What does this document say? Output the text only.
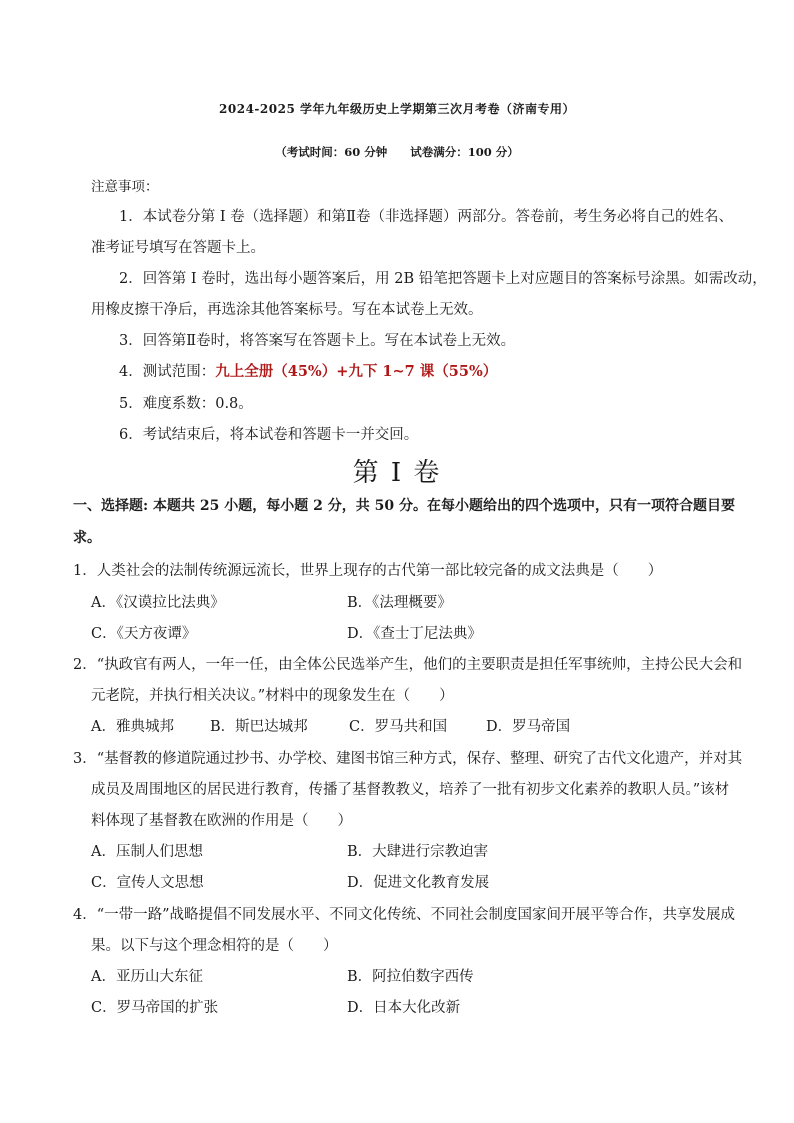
2024-2025 学年九年级历史上学期第三次月考卷（济南专用）
（考试时间：60 分钟　　试卷满分：100 分）
注意事项：
1．本试卷分第 I 卷（选择题）和第Ⅱ卷（非选择题）两部分。答卷前，考生务必将自己的姓名、
准考证号填写在答题卡上。
2．回答第 I 卷时，选出每小题答案后，用 2B 铅笔把答题卡上对应题目的答案标号涂黑。如需改动，
用橡皮擦干净后，再选涂其他答案标号。写在本试卷上无效。
3．回答第Ⅱ卷时，将答案写在答题卡上。写在本试卷上无效。
4．测试范围：九上全册（45%）+九下 1~7 课（55%）
5．难度系数：0.8。
6．考试结束后，将本试卷和答题卡一并交回。
第 I 卷
一、选择题: 本题共 25 小题，每小题 2 分，共 50 分。在每小题给出的四个选项中，只有一项符合题目要
求。
1．人类社会的法制传统源远流长，世界上现存的古代第一部比较完备的成文法典是（　　）
A．《汉谟拉比法典》	B．《法理概要》
C．《天方夜谭》	D．《查士丁尼法典》
2．“执政官有两人，一年一任，由全体公民选举产生，他们的主要职责是担任军事统帅，主持公民大会和
元老院，并执行相关决议。”材料中的现象发生在（　　）
A．雅典城邦 B．斯巴达城邦	C．罗马共和国	D．罗马帝国
3．“基督教的修道院通过抄书、办学校、建图书馆三种方式，保存、整理、研究了古代文化遗产，并对其
成员及周围地区的居民进行教育，传播了基督教教义，培养了一批有初步文化素养的教职人员。”该材
料体现了基督教在欧洲的作用是（　　）
A．压制人们思想	B．大肆进行宗教迫害
C．宣传人文思想	D．促进文化教育发展
4．“一带一路”战略提倡不同发展水平、不同文化传统、不同社会制度国家间开展平等合作，共享发展成
果。以下与这个理念相符的是（　　）
A．亚历山大东征	B．阿拉伯数字西传
C．罗马帝国的扩张	D．日本大化改新
